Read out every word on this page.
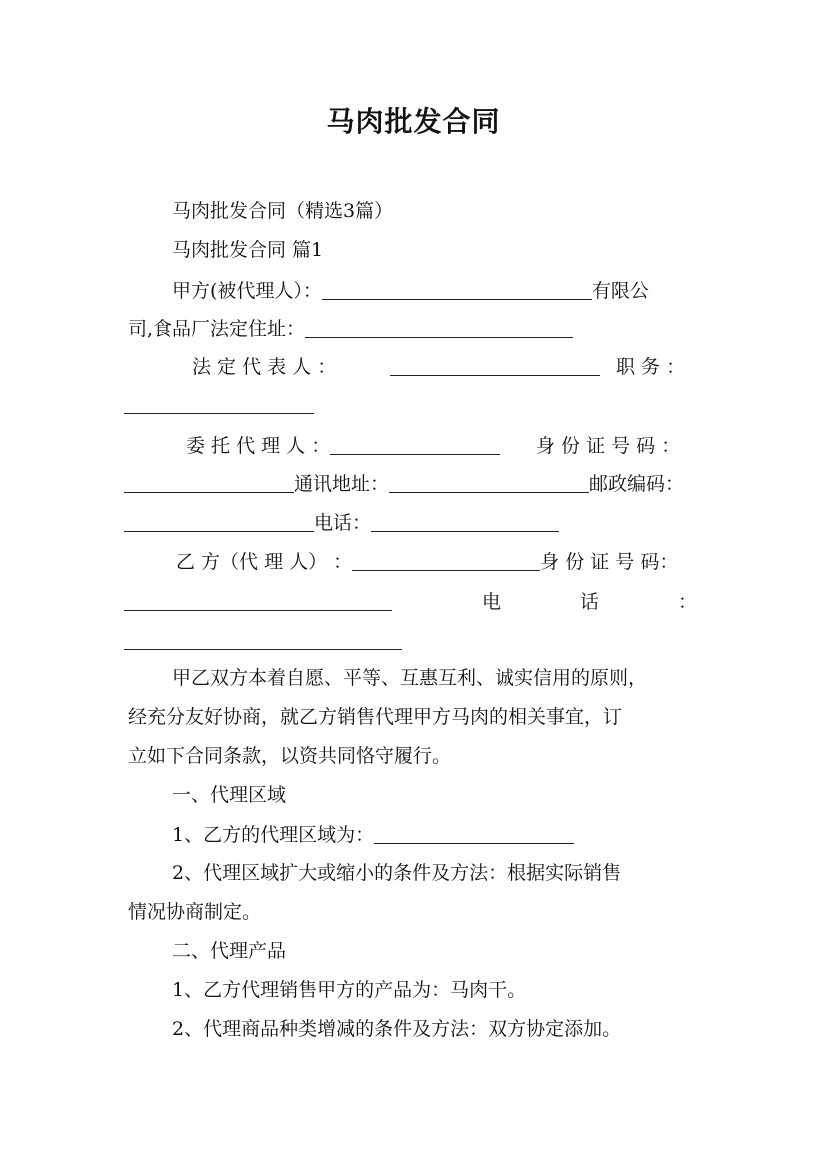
马肉批发合同
马肉批发合同（精选3篇）
马肉批发合同 篇1
甲方(被代理人）：	有限公
司,食品厂法定住址：
法 定 代 表 人 ：	职 务 ：
委 托 代 理 人 ：	身 份 证 号 码 ：
通讯地址：	邮政编码：
电话：
乙 方（代 理 人） ：	身 份 证 号 码：
电	话	：
甲乙双方本着自愿、平等、互惠互利、诚实信用的原则，
经充分友好协商，就乙方销售代理甲方马肉的相关事宜，订
立如下合同条款，以资共同恪守履行。
一、代理区域
1、乙方的代理区域为：
2、代理区域扩大或缩小的条件及方法：根据实际销售
情况协商制定。
二、代理产品
1、乙方代理销售甲方的产品为：马肉干。
2、代理商品种类增减的条件及方法：双方协定添加。
